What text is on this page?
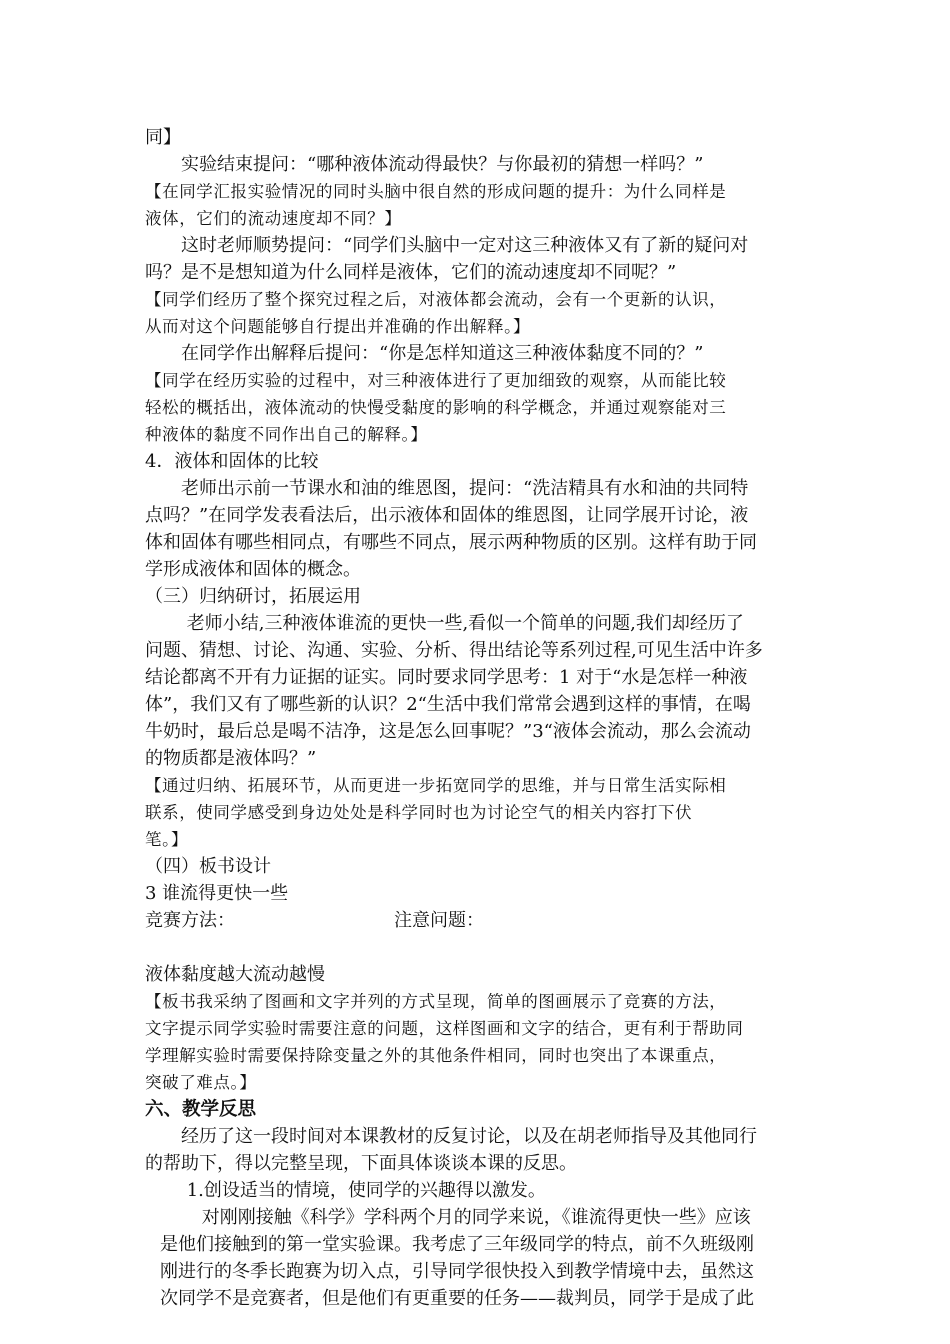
同】
　　实验结束提问：“哪种液体流动得最快？与你最初的猜想一样吗？”
【在同学汇报实验情况的同时头脑中很自然的形成问题的提升：为什么同样是
液体，它们的流动速度却不同？】
　　这时老师顺势提问：“同学们头脑中一定对这三种液体又有了新的疑问对
吗？是不是想知道为什么同样是液体，它们的流动速度却不同呢？”
【同学们经历了整个探究过程之后，对液体都会流动，会有一个更新的认识，
从而对这个问题能够自行提出并准确的作出解释。】
　　在同学作出解释后提问：“你是怎样知道这三种液体黏度不同的？”
【同学在经历实验的过程中，对三种液体进行了更加细致的观察，从而能比较
轻松的概括出，液体流动的快慢受黏度的影响的科学概念，并通过观察能对三
种液体的黏度不同作出自己的解释。】
4．液体和固体的比较
　　老师出示前一节课水和油的维恩图，提问：“洗洁精具有水和油的共同特
点吗？”在同学发表看法后，出示液体和固体的维恩图，让同学展开讨论，液
体和固体有哪些相同点，有哪些不同点，展示两种物质的区别。这样有助于同
学形成液体和固体的概念。
（三）归纳研讨，拓展运用
　　 老师小结,三种液体谁流的更快一些,看似一个简单的问题,我们却经历了
问题、猜想、讨论、沟通、实验、分析、得出结论等系列过程,可见生活中许多
结论都离不开有力证据的证实。同时要求同学思考：1 对于“水是怎样一种液
体”，我们又有了哪些新的认识？2“生活中我们常常会遇到这样的事情，在喝
牛奶时，最后总是喝不洁净，这是怎么回事呢？”3“液体会流动，那么会流动
的物质都是液体吗？”
【通过归纳、拓展环节，从而更进一步拓宽同学的思维，并与日常生活实际相
联系，使同学感受到身边处处是科学同时也为讨论空气的相关内容打下伏
笔。】
（四）板书设计
3 谁流得更快一些
竞赛方法：	注意问题：
液体黏度越大流动越慢
【板书我采纳了图画和文字并列的方式呈现，简单的图画展示了竞赛的方法，
文字提示同学实验时需要注意的问题，这样图画和文字的结合，更有利于帮助同
学理解实验时需要保持除变量之外的其他条件相同，同时也突出了本课重点，
突破了难点。】
六、教学反思
　　经历了这一段时间对本课教材的反复讨论，以及在胡老师指导及其他同行
的帮助下，得以完整呈现，下面具体谈谈本课的反思。
　　 1.创设适当的情境，使同学的兴趣得以激发。
　　 对刚刚接触《科学》学科两个月的同学来说，《谁流得更快一些》应该
是他们接触到的第一堂实验课。我考虑了三年级同学的特点，前不久班级刚
刚进行的冬季长跑赛为切入点，引导同学很快投入到教学情境中去，虽然这
次同学不是竞赛者，但是他们有更重要的任务——裁判员，同学于是成了此
